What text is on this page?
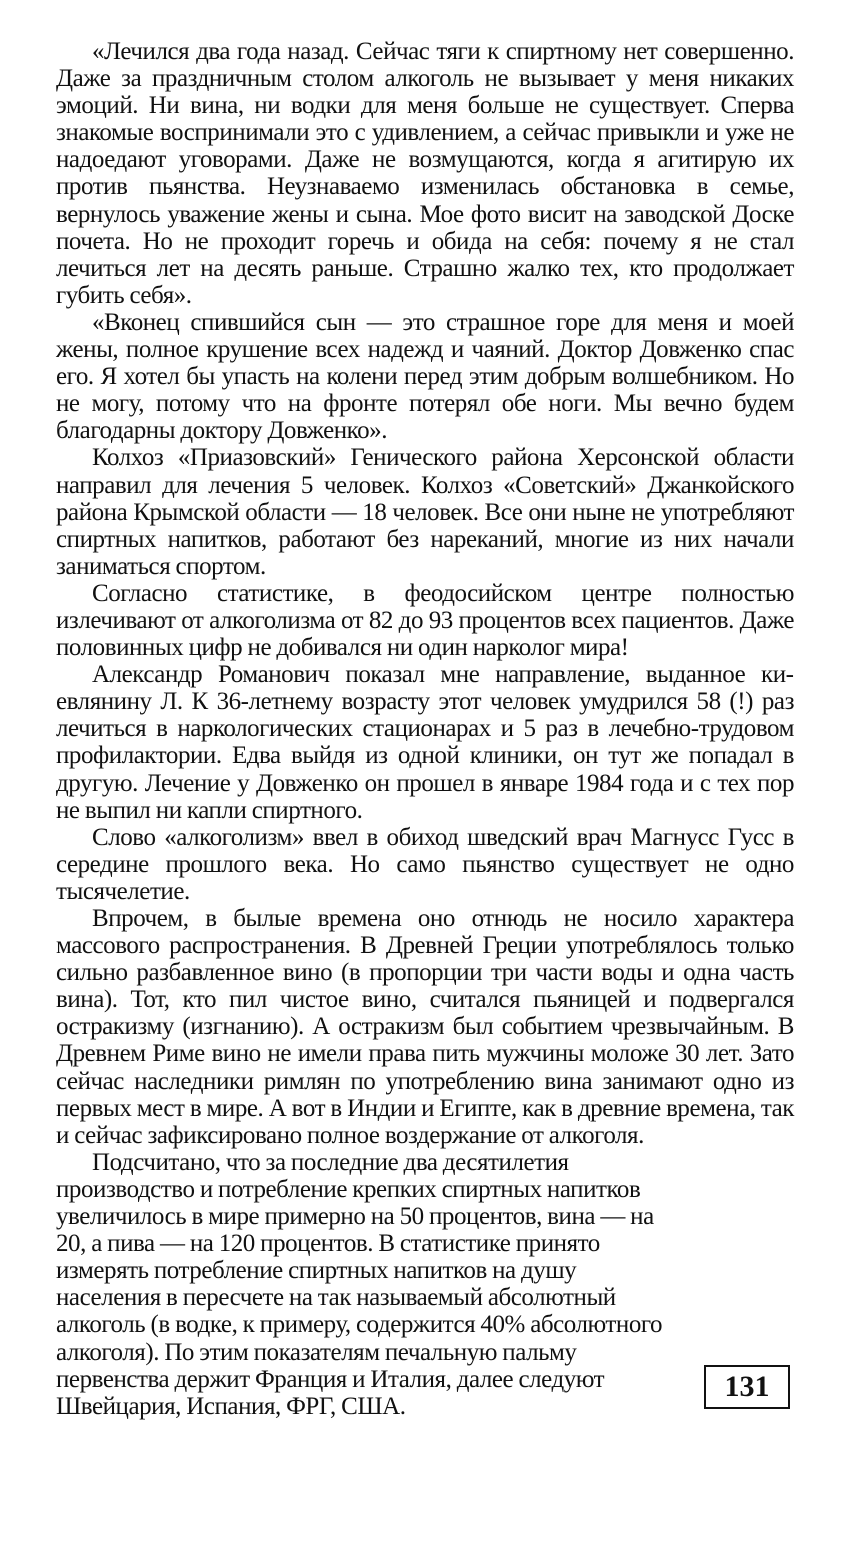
«Лечился два года назад. Сейчас тяги к спиртному нет совершенно. Даже за праздничным столом алкоголь не вызывает у меня никаких эмоций. Ни вина, ни водки для меня больше не существует. Сперва знакомые воспринимали это с удивлением, а сейчас привыкли и уже не надоедают уговорами. Даже не возмущаются, когда я агитирую их против пьянства. Неузнаваемо изменилась обстановка в семье, вернулось уважение жены и сына. Мое фото висит на заводской Доске почета. Но не проходит горечь и обида на себя: почему я не стал лечиться лет на десять раньше. Страшно жалко тех, кто продолжает губить себя».

«Вконец спившийся сын — это страшное горе для меня и моей жены, полное крушение всех надежд и чаяний. Доктор Довженко спас его. Я хотел бы упасть на колени перед этим добрым волшебником. Но не могу, потому что на фронте потерял обе ноги. Мы вечно будем благодарны доктору Довженко».

Колхоз «Приазовский» Генического района Херсонской области направил для лечения 5 человек. Колхоз «Советский» Джанкойского района Крымской области — 18 человек. Все они ныне не употребляют спиртных напитков, работают без нареканий, многие из них начали заниматься спортом.

Согласно статистике, в феодосийском центре полностью излечивают от алкоголизма от 82 до 93 процентов всех пациентов. Даже половинных цифр не добивался ни один нарколог мира!

Александр Романович показал мне направление, выданное киевлянину Л. К 36-летнему возрасту этот человек умудрился 58 (!) раз лечиться в наркологических стационарах и 5 раз в лечебно-трудовом профилактории. Едва выйдя из одной клиники, он тут же попадал в другую. Лечение у Довженко он прошел в январе 1984 года и с тех пор не выпил ни капли спиртного.

Слово «алкоголизм» ввел в обиход шведский врач Магнусс Гусс в середине прошлого века. Но само пьянство существует не одно тысячелетие.

Впрочем, в былые времена оно отнюдь не носило характера массового распространения. В Древней Греции употреблялось только сильно разбавленное вино (в пропорции три части воды и одна часть вина). Тот, кто пил чистое вино, считался пьяницей и подвергался остракизму (изгнанию). А остракизм был событием чрезвычайным. В Древнем Риме вино не имели права пить мужчины моложе 30 лет. Зато сейчас наследники римлян по употреблению вина занимают одно из первых мест в мире. А вот в Индии и Египте, как в древние времена, так и сейчас зафиксировано полное воздержание от алкоголя.

Подсчитано, что за последние два десятилетия производство и потребление крепких спиртных напитков увеличилось в мире примерно на 50 процентов, вина — на 20, а пива — на 120 процентов. В статистике принято измерять потребление спиртных напитков на душу населения в пересчете на так называемый абсолютный алкоголь (в водке, к примеру, содержится 40% абсолютного алкоголя). По этим показателям печальную пальму первенства держит Франция и Италия, далее следуют Швейцария, Испания, ФРГ, США.

131
